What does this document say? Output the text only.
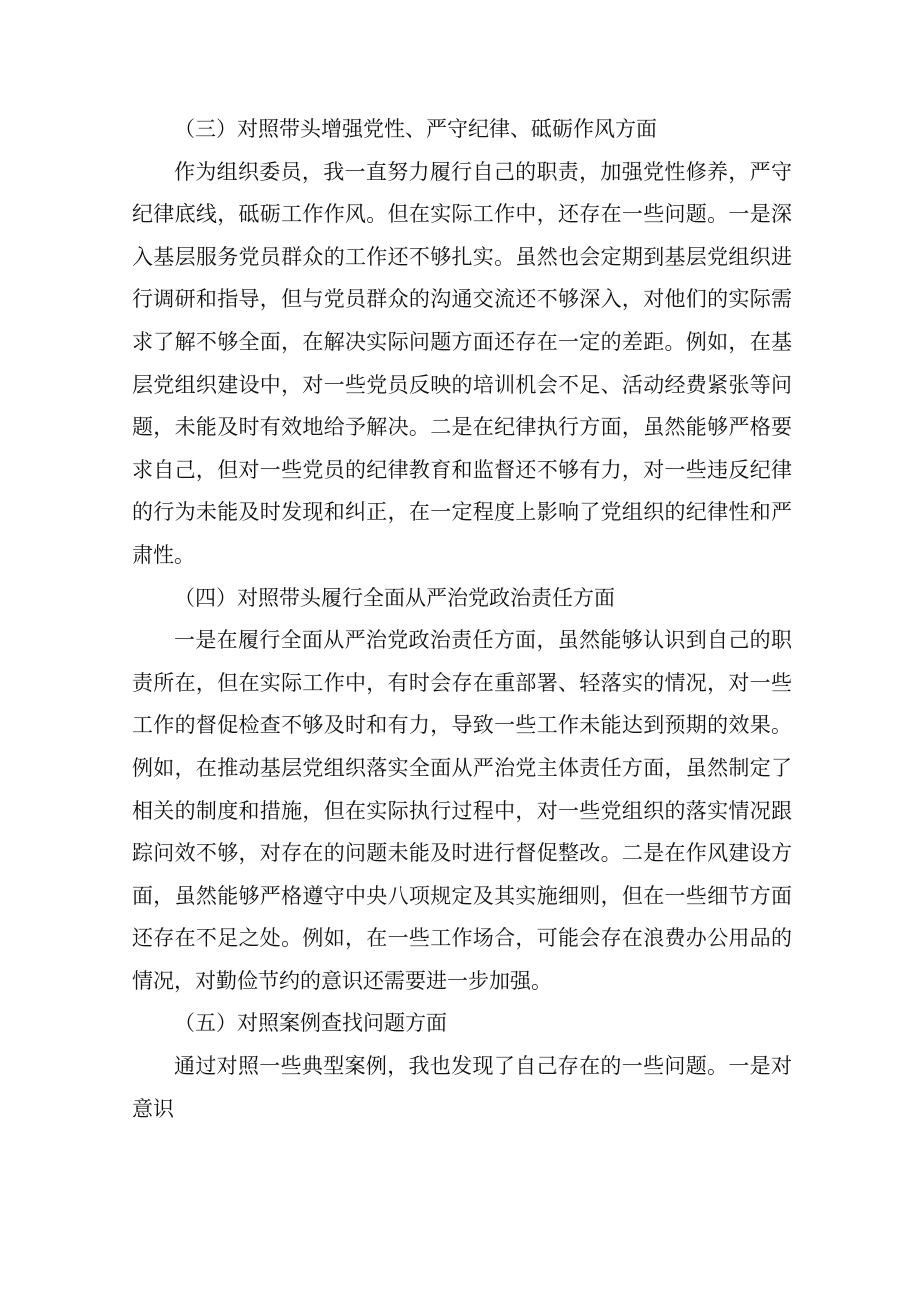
（三）对照带头增强党性、严守纪律、砥砺作风方面

作为组织委员，我一直努力履行自己的职责，加强党性修养，严守纪律底线，砥砺工作作风。但在实际工作中，还存在一些问题。一是深入基层服务党员群众的工作还不够扎实。虽然也会定期到基层党组织进行调研和指导，但与党员群众的沟通交流还不够深入，对他们的实际需求了解不够全面，在解决实际问题方面还存在一定的差距。例如，在基层党组织建设中，对一些党员反映的培训机会不足、活动经费紧张等问题，未能及时有效地给予解决。二是在纪律执行方面，虽然能够严格要求自己，但对一些党员的纪律教育和监督还不够有力，对一些违反纪律的行为未能及时发现和纠正，在一定程度上影响了党组织的纪律性和严肃性。

（四）对照带头履行全面从严治党政治责任方面

一是在履行全面从严治党政治责任方面，虽然能够认识到自己的职责所在，但在实际工作中，有时会存在重部署、轻落实的情况，对一些工作的督促检查不够及时和有力，导致一些工作未能达到预期的效果。例如，在推动基层党组织落实全面从严治党主体责任方面，虽然制定了相关的制度和措施，但在实际执行过程中，对一些党组织的落实情况跟踪问效不够，对存在的问题未能及时进行督促整改。二是在作风建设方面，虽然能够严格遵守中央八项规定及其实施细则，但在一些细节方面还存在不足之处。例如，在一些工作场合，可能会存在浪费办公用品的情况，对勤俭节约的意识还需要进一步加强。

（五）对照案例查找问题方面

通过对照一些典型案例，我也发现了自己存在的一些问题。一是对意识
